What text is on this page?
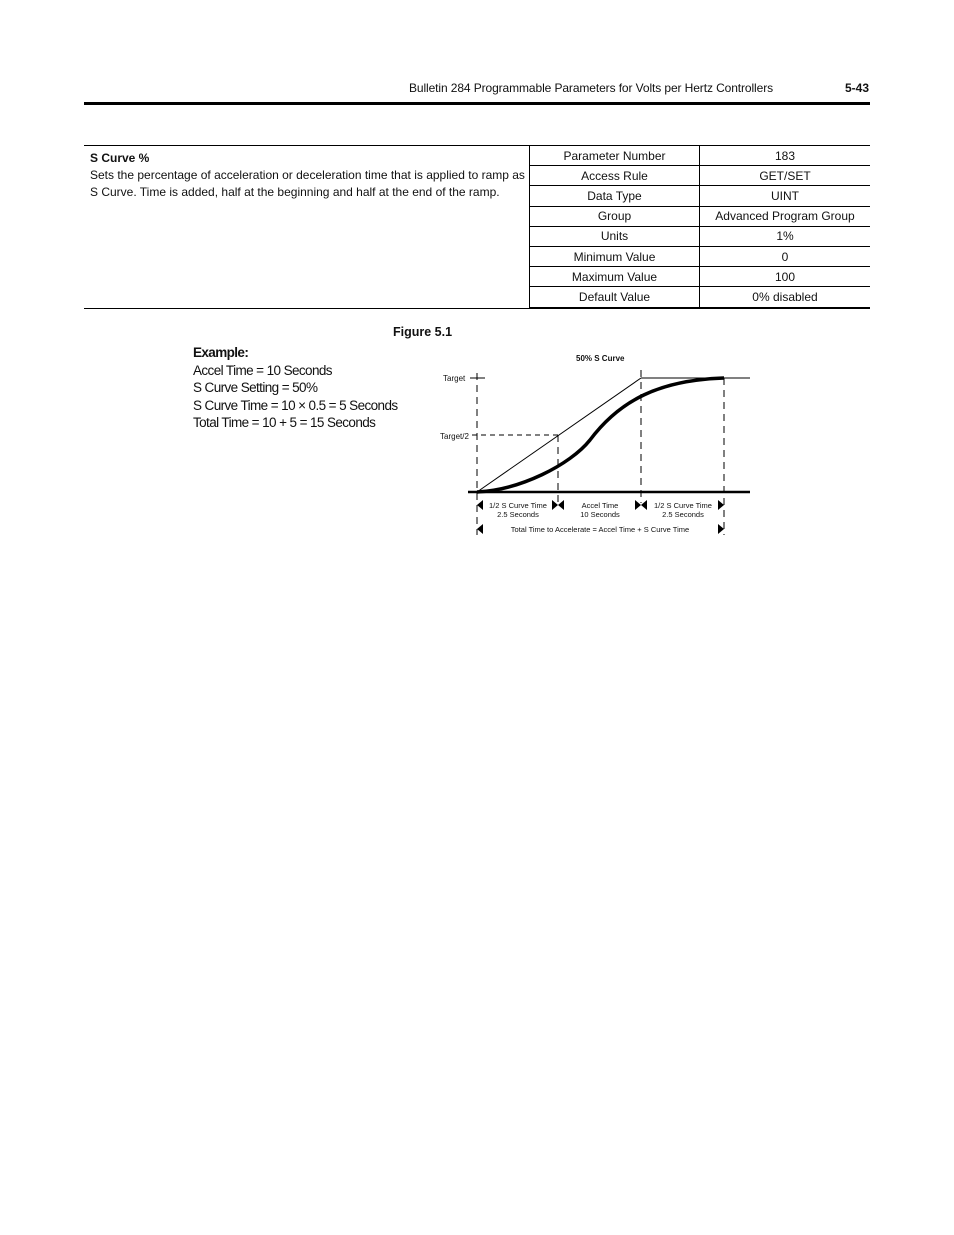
Bulletin 284 Programmable Parameters for Volts per Hertz Controllers	5-43
S Curve %
Sets the percentage of acceleration or deceleration time that is applied to ramp as S Curve. Time is added, half at the beginning and half at the end of the ramp.
Parameter Number	183
Access Rule	GET/SET
Data Type	UINT
Group	Advanced Program Group
Units	1%
Minimum Value	0
Maximum Value	100
Default Value	0% disabled
Figure 5.1
Example:
Accel Time = 10 Seconds
S Curve Setting = 50%
S Curve Time = 10 × 0.5 = 5 Seconds
Total Time = 10 + 5 = 15 Seconds
50% S Curve
Target
Target/2
1/2 S Curve Time
2.5 Seconds
Accel Time
10 Seconds
1/2 S Curve Time
2.5 Seconds
Total Time to Accelerate = Accel Time + S Curve Time
